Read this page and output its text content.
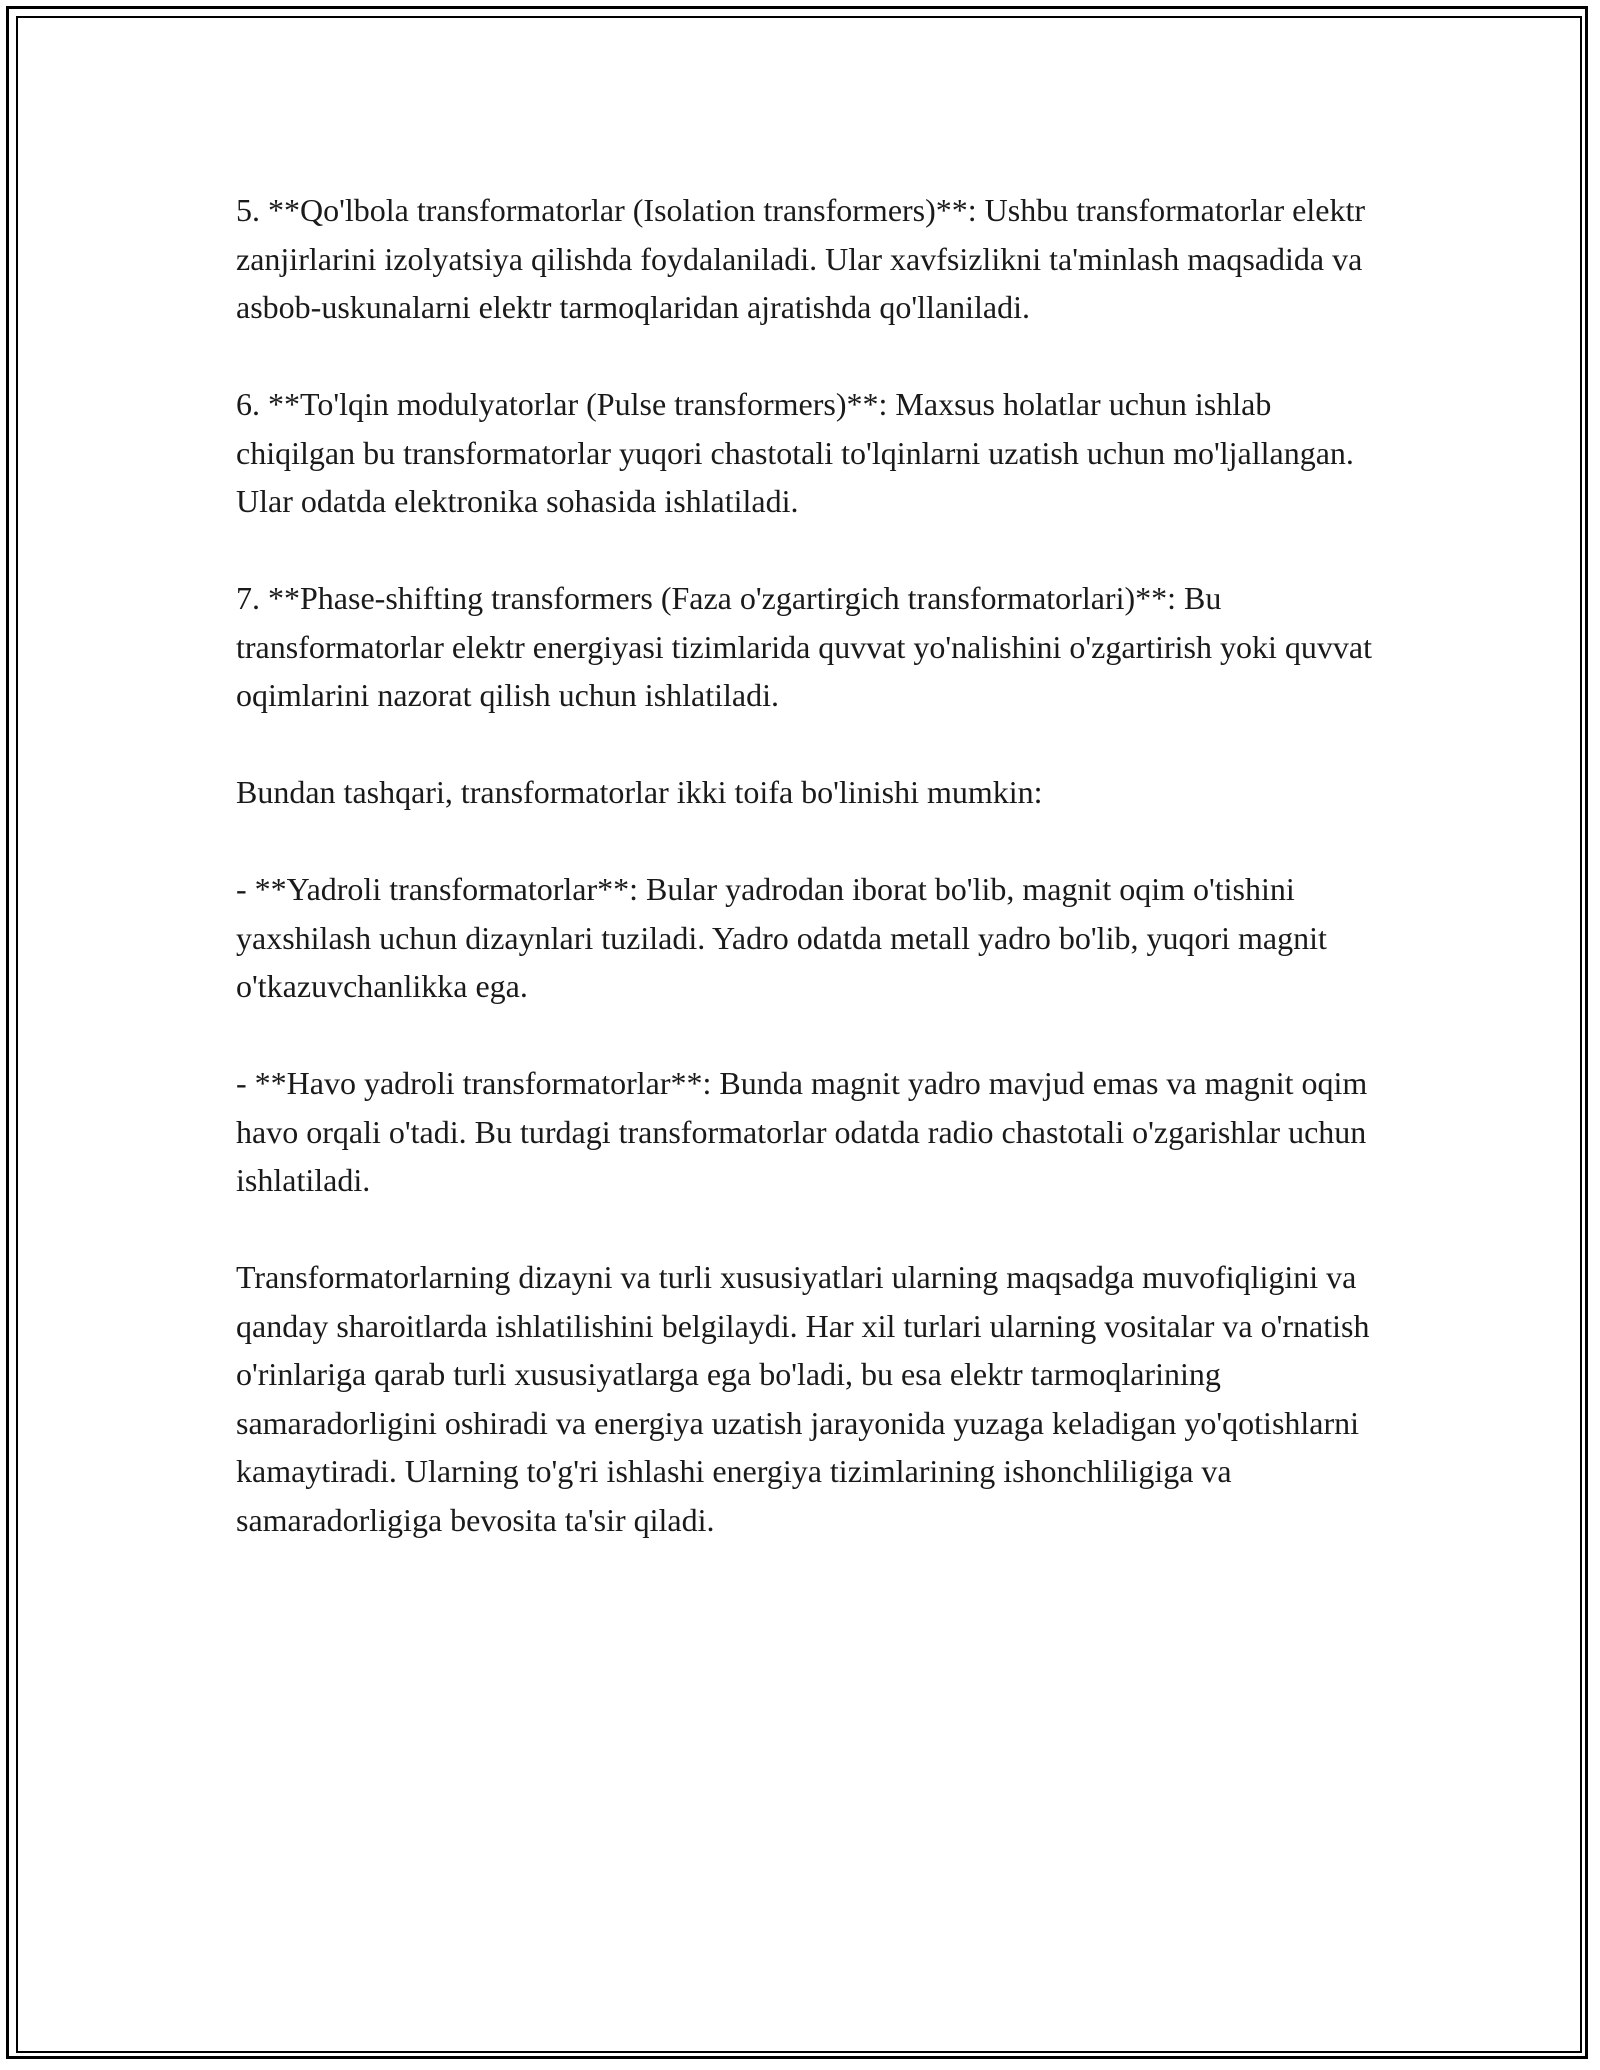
5. **Qo'lbola transformatorlar (Isolation transformers)**: Ushbu transformatorlar elektr zanjirlarini izolyatsiya qilishda foydalaniladi. Ular xavfsizlikni ta'minlash maqsadida va asbob-uskunalarni elektr tarmoqlaridan ajratishda qo'llaniladi.

6. **To'lqin modulyatorlar (Pulse transformers)**: Maxsus holatlar uchun ishlab chiqilgan bu transformatorlar yuqori chastotali to'lqinlarni uzatish uchun mo'ljallangan. Ular odatda elektronika sohasida ishlatiladi.

7. **Phase-shifting transformers (Faza o'zgartirgich transformatorlari)**: Bu transformatorlar elektr energiyasi tizimlarida quvvat yo'nalishini o'zgartirish yoki quvvat oqimlarini nazorat qilish uchun ishlatiladi.

Bundan tashqari, transformatorlar ikki toifa bo'linishi mumkin:

- **Yadroli transformatorlar**: Bular yadrodan iborat bo'lib, magnit oqim o'tishini yaxshilash uchun dizaynlari tuziladi. Yadro odatda metall yadro bo'lib, yuqori magnit o'tkazuvchanlikka ega.

- **Havo yadroli transformatorlar**: Bunda magnit yadro mavjud emas va magnit oqim havo orqali o'tadi. Bu turdagi transformatorlar odatda radio chastotali o'zgarishlar uchun ishlatiladi.

Transformatorlarning dizayni va turli xususiyatlari ularning maqsadga muvofiqligini va qanday sharoitlarda ishlatilishini belgilaydi. Har xil turlari ularning vositalar va o'rnatish o'rinlariga qarab turli xususiyatlarga ega bo'ladi, bu esa elektr tarmoqlarining samaradorligini oshiradi va energiya uzatish jarayonida yuzaga keladigan yo'qotishlarni kamaytiradi. Ularning to'g'ri ishlashi energiya tizimlarining ishonchliligiga va samaradorligiga bevosita ta'sir qiladi.
